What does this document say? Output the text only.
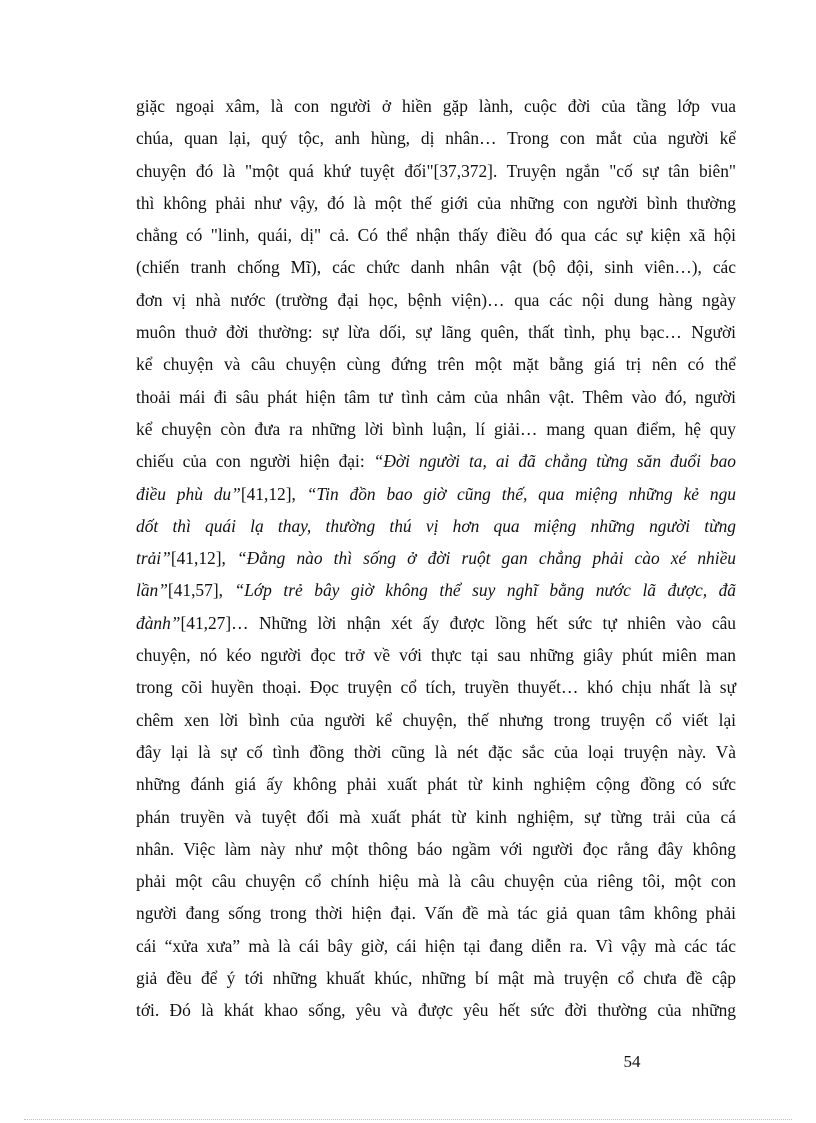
giặc ngoại xâm, là con người ở hiền gặp lành, cuộc đời của tầng lớp vua
chúa, quan lại, quý tộc, anh hùng, dị nhân… Trong con mắt của người kể
chuyện đó là "một quá khứ tuyệt đối"[37,372]. Truyện ngắn "cố sự tân biên"
thì không phải như vậy, đó là một thế giới của những con người bình thường
chẳng có "linh, quái, dị" cả. Có thể nhận thấy điều đó qua các sự kiện xã hội
(chiến tranh chống Mĩ), các chức danh nhân vật (bộ đội, sinh viên…), các
đơn vị nhà nước (trường đại học, bệnh viện)… qua các nội dung hàng ngày
muôn thuở đời thường: sự lừa dối, sự lãng quên, thất tình, phụ bạc… Người
kể chuyện và câu chuyện cùng đứng trên một mặt bằng giá trị nên có thể
thoải mái đi sâu phát hiện tâm tư tình cảm của nhân vật. Thêm vào đó, người
kể chuyện còn đưa ra những lời bình luận, lí giải… mang quan điểm, hệ quy
chiếu của con người hiện đại: “Đời người ta, ai đã chẳng từng săn đuổi bao
điều phù du”[41,12], “Tin đồn bao giờ cũng thế, qua miệng những kẻ ngu
dốt thì quái lạ thay, thường thú vị hơn qua miệng những người từng
trải”[41,12], “Đằng nào thì sống ở đời ruột gan chẳng phải cào xé nhiều
lần”[41,57], “Lớp trẻ bây giờ không thể suy nghĩ bằng nước lã được, đã
đành”[41,27]… Những lời nhận xét ấy được lồng hết sức tự nhiên vào câu
chuyện, nó kéo người đọc trở về với thực tại sau những giây phút miên man
trong cõi huyền thoại. Đọc truyện cổ tích, truyền thuyết… khó chịu nhất là sự
chêm xen lời bình của người kể chuyện, thế nhưng trong truyện cổ viết lại
đây lại là sự cố tình đồng thời cũng là nét đặc sắc của loại truyện này. Và
những đánh giá ấy không phải xuất phát từ kinh nghiệm cộng đồng có sức
phán truyền và tuyệt đối mà xuất phát từ kinh nghiệm, sự từng trải của cá
nhân. Việc làm này như một thông báo ngầm với người đọc rằng đây không
phải một câu chuyện cổ chính hiệu mà là câu chuyện của riêng tôi, một con
người đang sống trong thời hiện đại. Vấn đề mà tác giả quan tâm không phải
cái “xửa xưa” mà là cái bây giờ, cái hiện tại đang diễn ra. Vì vậy mà các tác
giả đều để ý tới những khuất khúc, những bí mật mà truyện cổ chưa đề cập
tới. Đó là khát khao sống, yêu và được yêu hết sức đời thường của những
54
